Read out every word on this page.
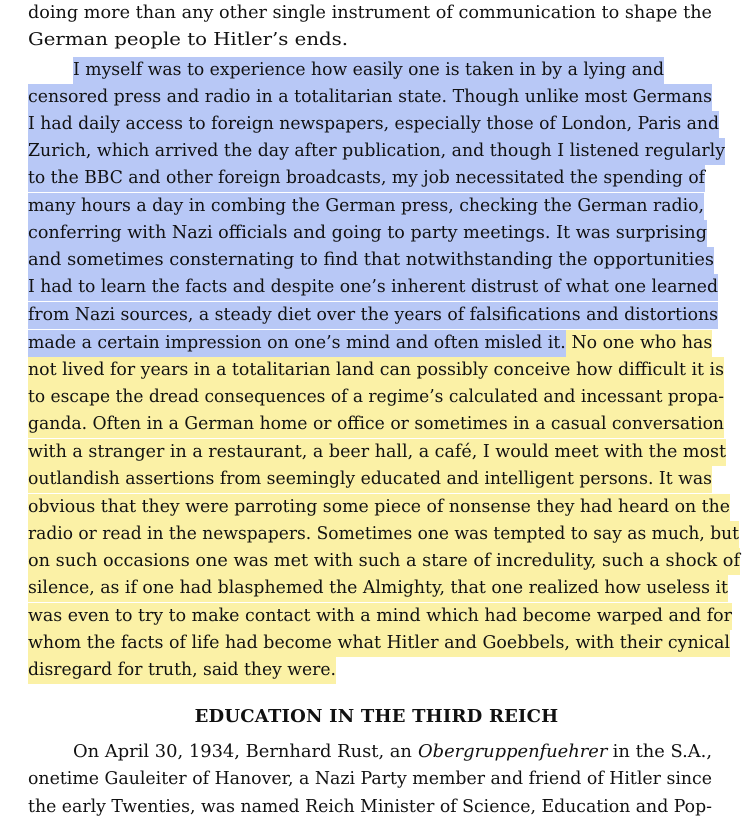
doing more than any other single instrument of communication to shape the
German people to Hitler’s ends.
I myself was to experience how easily one is taken in by a lying and
censored press and radio in a totalitarian state. Though unlike most Germans
I had daily access to foreign newspapers, especially those of London, Paris and
Zurich, which arrived the day after publication, and though I listened regularly
to the BBC and other foreign broadcasts, my job necessitated the spending of
many hours a day in combing the German press, checking the German radio,
conferring with Nazi officials and going to party meetings. It was surprising
and sometimes consternating to find that notwithstanding the opportunities
I had to learn the facts and despite one’s inherent distrust of what one learned
from Nazi sources, a steady diet over the years of falsifications and distortions
made a certain impression on one’s mind and often misled it. No one who has
not lived for years in a totalitarian land can possibly conceive how difficult it is
to escape the dread consequences of a regime’s calculated and incessant propa-
ganda. Often in a German home or office or sometimes in a casual conversation
with a stranger in a restaurant, a beer hall, a café, I would meet with the most
outlandish assertions from seemingly educated and intelligent persons. It was
obvious that they were parroting some piece of nonsense they had heard on the
radio or read in the newspapers. Sometimes one was tempted to say as much, but
on such occasions one was met with such a stare of incredulity, such a shock of
silence, as if one had blasphemed the Almighty, that one realized how useless it
was even to try to make contact with a mind which had become warped and for
whom the facts of life had become what Hitler and Goebbels, with their cynical
disregard for truth, said they were.
EDUCATION IN THE THIRD REICH
On April 30, 1934, Bernhard Rust, an Obergruppenfuehrer in the S.A.,
onetime Gauleiter of Hanover, a Nazi Party member and friend of Hitler since
the early Twenties, was named Reich Minister of Science, Education and Pop-
